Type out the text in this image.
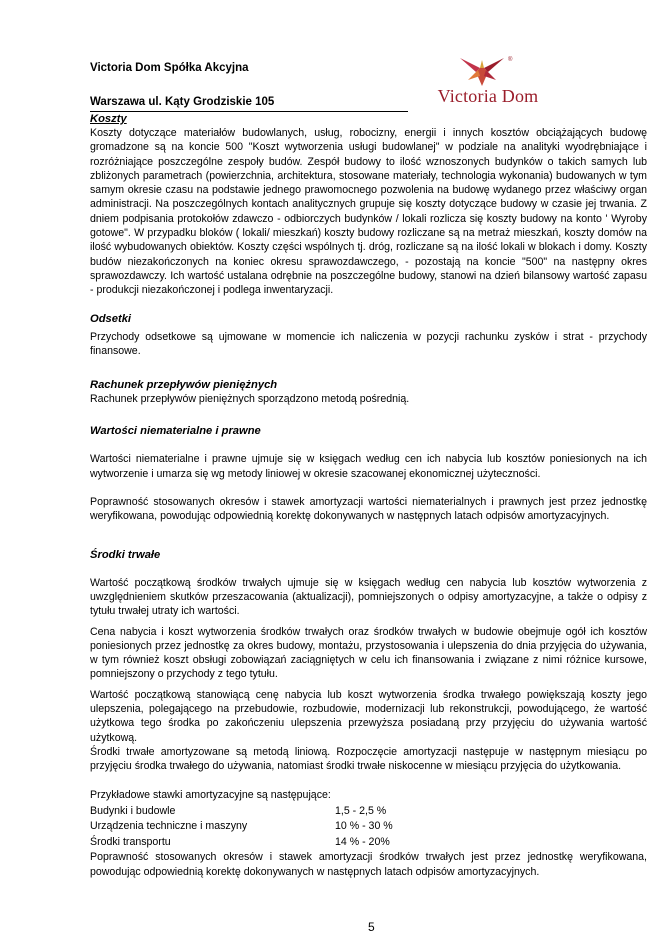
Victoria Dom Spółka Akcyjna
Warszawa ul. Kąty Grodziskie 105
®
Victoria Dom
Koszty

Koszty dotyczące materiałów budowlanych, usług, robocizny, energii i innych kosztów obciążających budowę gromadzone są na koncie 500 "Koszt wytworzenia usługi budowlanej" w podziale na analityki wyodrębniające i rozróżniające poszczególne zespoły budów. Zespół budowy to ilość wznoszonych budynków o takich samych lub zbliżonych parametrach (powierzchnia, architektura, stosowane materiały, technologia wykonania) budowanych w tym samym okresie czasu na podstawie jednego prawomocnego pozwolenia na budowę wydanego przez właściwy organ administracji. Na poszczególnych kontach analitycznych grupuje się koszty dotyczące budowy w czasie jej trwania. Z dniem podpisania protokołów zdawczo - odbiorczych budynków / lokali rozlicza się koszty budowy na konto ' Wyroby gotowe". W przypadku bloków ( lokali/ mieszkań) koszty budowy rozliczane są na metraż mieszkań, koszty domów na ilość wybudowanych obiektów. Koszty części wspólnych tj. dróg, rozliczane są na ilość lokali w blokach i domy. Koszty budów niezakończonych na koniec okresu sprawozdawczego, - pozostają na koncie "500" na następny okres sprawozdawczy. Ich wartość ustalana odrębnie na poszczególne budowy, stanowi na dzień bilansowy wartość zapasu - produkcji niezakończonej i podlega inwentaryzacji.

Odsetki

Przychody odsetkowe są ujmowane w momencie ich naliczenia w pozycji rachunku zysków i strat - przychody finansowe.

Rachunek przepływów pieniężnych

Rachunek przepływów pieniężnych sporządzono metodą pośrednią.

Wartości niematerialne i prawne

Wartości niematerialne i prawne ujmuje się w księgach według cen ich nabycia lub kosztów poniesionych na ich wytworzenie i umarza się wg metody liniowej w okresie szacowanej ekonomicznej użyteczności.

Poprawność stosowanych okresów i stawek amortyzacji wartości niematerialnych i prawnych jest przez jednostkę weryfikowana, powodując odpowiednią korektę dokonywanych w następnych latach odpisów amortyzacyjnych.

Środki trwałe

Wartość początkową środków trwałych ujmuje się w księgach według cen nabycia lub kosztów wytworzenia z uwzględnieniem skutków przeszacowania (aktualizacji), pomniejszonych o odpisy amortyzacyjne, a także o odpisy z tytułu trwałej utraty ich wartości.

Cena nabycia i koszt wytworzenia środków trwałych oraz środków trwałych w budowie obejmuje ogół ich kosztów poniesionych przez jednostkę za okres budowy, montażu, przystosowania i ulepszenia do dnia przyjęcia do używania, w tym również koszt obsługi zobowiązań zaciągniętych w celu ich finansowania i związane z nimi różnice kursowe, pomniejszony o przychody z tego tytułu.

Wartość początkową stanowiącą cenę nabycia lub koszt wytworzenia środka trwałego powiększają koszty jego ulepszenia, polegającego na przebudowie, rozbudowie, modernizacji lub rekonstrukcji, powodującego, że wartość użytkowa tego środka po zakończeniu ulepszenia przewyższa posiadaną przy przyjęciu do używania wartość użytkową.

Środki trwałe amortyzowane są metodą liniową. Rozpoczęcie amortyzacji następuje w następnym miesiącu po przyjęciu środka trwałego do używania, natomiast środki trwałe niskocenne w miesiącu przyjęcia do użytkowania.

Przykładowe stawki amortyzacyjne są następujące:

Budynki i budowle	1,5 - 2,5 %
Urządzenia techniczne i maszyny	10 % - 30 %
Środki transportu	14 % - 20%

Poprawność stosowanych okresów i stawek amortyzacji środków trwałych jest przez jednostkę weryfikowana, powodując odpowiednią korektę dokonywanych w następnych latach odpisów amortyzacyjnych.

5
